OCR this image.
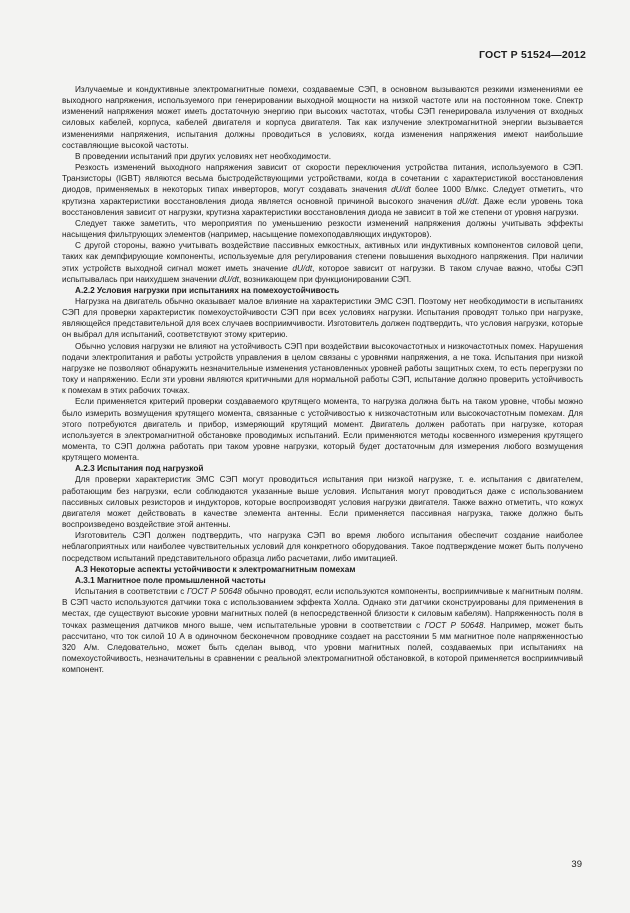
ГОСТ Р 51524—2012

Излучаемые и кондуктивные электромагнитные помехи, создаваемые СЭП, в основном вызываются резкими изменениями ее выходного напряжения, используемого при генерировании выходной мощности на низкой частоте или на постоянном токе. Спектр изменений напряжения может иметь достаточную энергию при высоких частотах, чтобы СЭП генерировала излучения от входных силовых кабелей, корпуса, кабелей двигателя и корпуса двигателя. Так как излучение электромагнитной энергии вызывается изменениями напряжения, испытания должны проводиться в условиях, когда изменения напряжения имеют наибольшие составляющие высокой частоты.

В проведении испытаний при других условиях нет необходимости.

Резкость изменений выходного напряжения зависит от скорости переключения устройства питания, используемого в СЭП. Транзисторы (IGBT) являются весьма быстродействующими устройствами, когда в сочетании с характеристикой восстановления диодов, применяемых в некоторых типах инверторов, могут создавать значения dU/dt более 1000 В/мкс. Следует отметить, что крутизна характеристики восстановления диода является основной причиной высокого значения dU/dt. Даже если уровень тока восстановления зависит от нагрузки, крутизна характеристики восстановления диода не зависит в той же степени от уровня нагрузки.

Следует также заметить, что мероприятия по уменьшению резкости изменений напряжения должны учитывать эффекты насыщения фильтрующих элементов (например, насыщение помехоподавляющих индукторов).

С другой стороны, важно учитывать воздействие пассивных емкостных, активных или индуктивных компонентов силовой цепи, таких как демпфирующие компоненты, используемые для регулирования степени повышения выходного напряжения. При наличии этих устройств выходной сигнал может иметь значение dU/dt, которое зависит от нагрузки. В таком случае важно, чтобы СЭП испытывалась при наихудшем значении dU/dt, возникающем при функционировании СЭП.

А.2.2 Условия нагрузки при испытаниях на помехоустойчивость

Нагрузка на двигатель обычно оказывает малое влияние на характеристики ЭМС СЭП. Поэтому нет необходимости в испытаниях СЭП для проверки характеристик помехоустойчивости СЭП при всех условиях нагрузки. Испытания проводят только при нагрузке, являющейся представительной для всех случаев восприимчивости. Изготовитель должен подтвердить, что условия нагрузки, которые он выбрал для испытаний, соответствуют этому критерию.

Обычно условия нагрузки не влияют на устойчивость СЭП при воздействии высокочастотных и низкочастотных помех. Нарушения подачи электропитания и работы устройств управления в целом связаны с уровнями напряжения, а не тока. Испытания при низкой нагрузке не позволяют обнаружить незначительные изменения установленных уровней работы защитных схем, то есть перегрузки по току и напряжению. Если эти уровни являются критичными для нормальной работы СЭП, испытание должно проверить устойчивость к помехам в этих рабочих точках.

Если применяется критерий проверки создаваемого крутящего момента, то нагрузка должна быть на таком уровне, чтобы можно было измерить возмущения крутящего момента, связанные с устойчивостью к низкочастотным или высокочастотным помехам. Для этого потребуются двигатель и прибор, измеряющий крутящий момент. Двигатель должен работать при нагрузке, которая используется в электромагнитной обстановке проводимых испытаний. Если применяются методы косвенного измерения крутящего момента, то СЭП должна работать при таком уровне нагрузки, который будет достаточным для измерения любого возмущения крутящего момента.

А.2.3 Испытания под нагрузкой

Для проверки характеристик ЭМС СЭП могут проводиться испытания при низкой нагрузке, т. е. испытания с двигателем, работающим без нагрузки, если соблюдаются указанные выше условия. Испытания могут проводиться даже с использованием пассивных силовых резисторов и индукторов, которые воспроизводят условия нагрузки двигателя. Также важно отметить, что кожух двигателя может действовать в качестве элемента антенны. Если применяется пассивная нагрузка, также должно быть воспроизведено воздействие этой антенны.

Изготовитель СЭП должен подтвердить, что нагрузка СЭП во время любого испытания обеспечит создание наиболее неблагоприятных или наиболее чувствительных условий для конкретного оборудования. Такое подтверждение может быть получено посредством испытаний представительного образца либо расчетами, либо имитацией.

А.3 Некоторые аспекты устойчивости к электромагнитным помехам

А.3.1 Магнитное поле промышленной частоты

Испытания в соответствии с ГОСТ Р 50648 обычно проводят, если используются компоненты, восприимчивые к магнитным полям. В СЭП часто используются датчики тока с использованием эффекта Холла. Однако эти датчики сконструированы для применения в местах, где существуют высокие уровни магнитных полей (в непосредственной близости к силовым кабелям). Напряженность поля в точках размещения датчиков много выше, чем испытательные уровни в соответствии с ГОСТ Р 50648. Например, может быть рассчитано, что ток силой 10 А в одиночном бесконечном проводнике создает на расстоянии 5 мм магнитное поле напряженностью 320 А/м. Следовательно, может быть сделан вывод, что уровни магнитных полей, создаваемых при испытаниях на помехоустойчивость, незначительны в сравнении с реальной электромагнитной обстановкой, в которой применяется восприимчивый компонент.

39
